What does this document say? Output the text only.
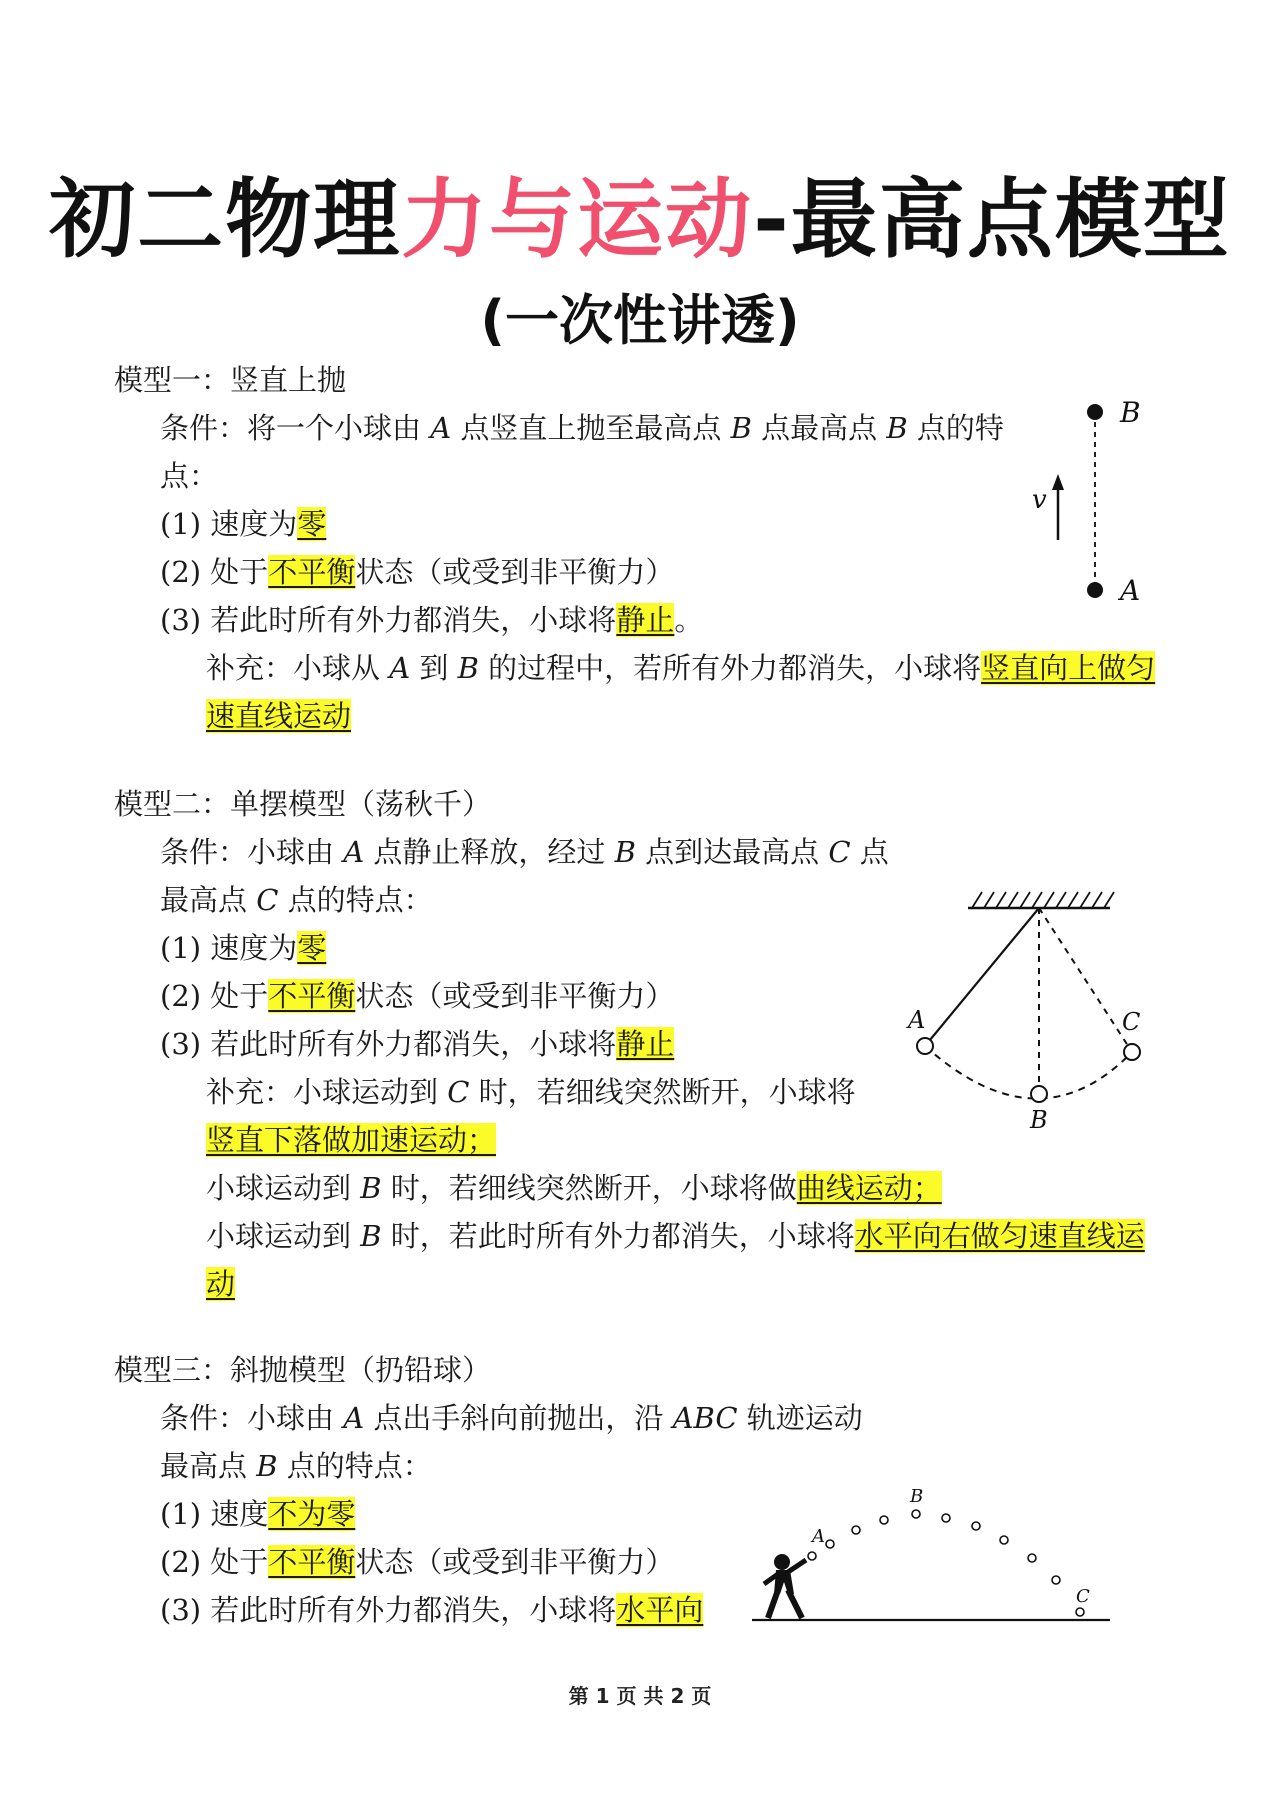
初二物理力与运动-最高点模型
(一次性讲透)
模型一：竖直上抛
条件：将一个小球由 A 点竖直上抛至最高点 B 点最高点 B 点的特
点：
(1) 速度为零
(2) 处于不平衡状态（或受到非平衡力）
(3) 若此时所有外力都消失，小球将静止。
补充：小球从 A 到 B 的过程中，若所有外力都消失，小球将竖直向上做匀
速直线运动
B
A
v
模型二：单摆模型（荡秋千）
条件：小球由 A 点静止释放，经过 B 点到达最高点 C 点
最高点 C 点的特点：
(1) 速度为零
(2) 处于不平衡状态（或受到非平衡力）
(3) 若此时所有外力都消失，小球将静止
补充：小球运动到 C 时，若细线突然断开，小球将
竖直下落做加速运动；
小球运动到 B 时，若细线突然断开，小球将做曲线运动；
小球运动到 B 时，若此时所有外力都消失，小球将水平向右做匀速直线运
动
A
B
C
模型三：斜抛模型（扔铅球）
条件：小球由 A 点出手斜向前抛出，沿 ABC 轨迹运动
最高点 B 点的特点：
(1) 速度不为零
(2) 处于不平衡状态（或受到非平衡力）
(3) 若此时所有外力都消失，小球将水平向
A
B
C
第 1 页 共 2 页
